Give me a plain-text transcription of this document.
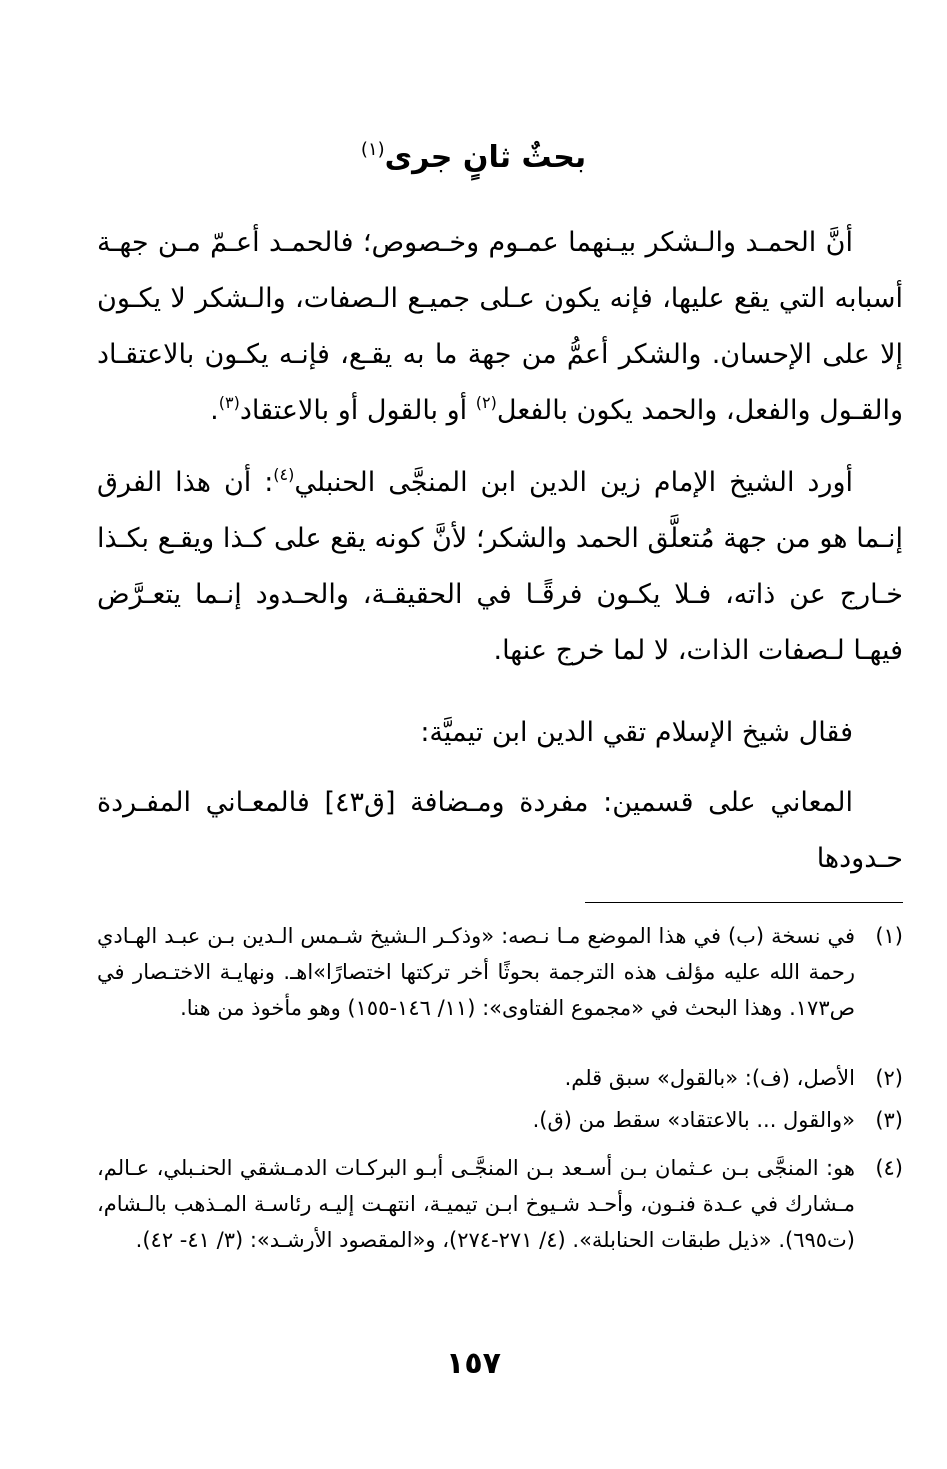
بحثٌ ثانٍ جرى$^{(١)}$
أنَّ الحمـد والـشكر بيـنهما عمـوم وخـصوص؛ فالحمـد أعـمّ مـن جهـة أسبابه التي يقع عليها، فإنه يكون عـلى جميـع الـصفات، والـشكر لا يكـون إلا على الإحسان. والشكر أعمُّ من جهة ما به يقـع، فإنـه يكـون بالاعتقـاد والقـول والفعل، والحمد يكون بالفعل$^{(٢)}$ أو بالقول أو بالاعتقاد$^{(٣)}$.
أورد الشيخ الإمام زين الدين ابن المنجَّى الحنبلي$^{(٤)}$: أن هذا الفرق إنـما هو من جهة مُتعلَّق الحمد والشكر؛ لأنَّ كونه يقع على كـذا ويقـع بكـذا خـارج عن ذاته، فـلا يكـون فرقًـا في الحقيقـة، والحـدود إنـما يتعـرَّض فيهـا لـصفات الذات، لا لما خرج عنها.
فقال شيخ الإسلام تقي الدين ابن تيميَّة:
المعاني على قسمين: مفردة ومـضافة [ق٤٣] فالمعـاني المفـردة حـدودها
(١)
في نسخة (ب) في هذا الموضع مـا نـصه: «وذكـر الـشيخ شـمس الـدين بـن عبـد الهـادي رحمة الله عليه مؤلف هذه الترجمة بحوثًا أخر تركتها اختصارًا»اهـ. ونهايـة الاختـصار في ص١٧٣. وهذا البحث في «مجموع الفتاوى»: (١١/ ١٤٦-١٥٥) وهو مأخوذ من هنا.
(٢)
الأصل، (ف): «بالقول» سبق قلم.
(٣)
«والقول ... بالاعتقاد» سقط من (ق).
(٤)
هو: المنجَّى بـن عـثمان بـن أسـعد بـن المنجَّـى أبـو البركـات الدمـشقي الحنـبلي، عـالم، مـشارك في عـدة فنـون، وأحـد شـيوخ ابـن تيميـة، انتهـت إليـه رئاسـة المـذهب بالـشام، (ت٦٩٥). «ذيل طبقات الحنابلة». (٤/ ٢٧١-٢٧٤)، و«المقصود الأرشـد»: (٣/ ٤١- ٤٢).
١٥٧
